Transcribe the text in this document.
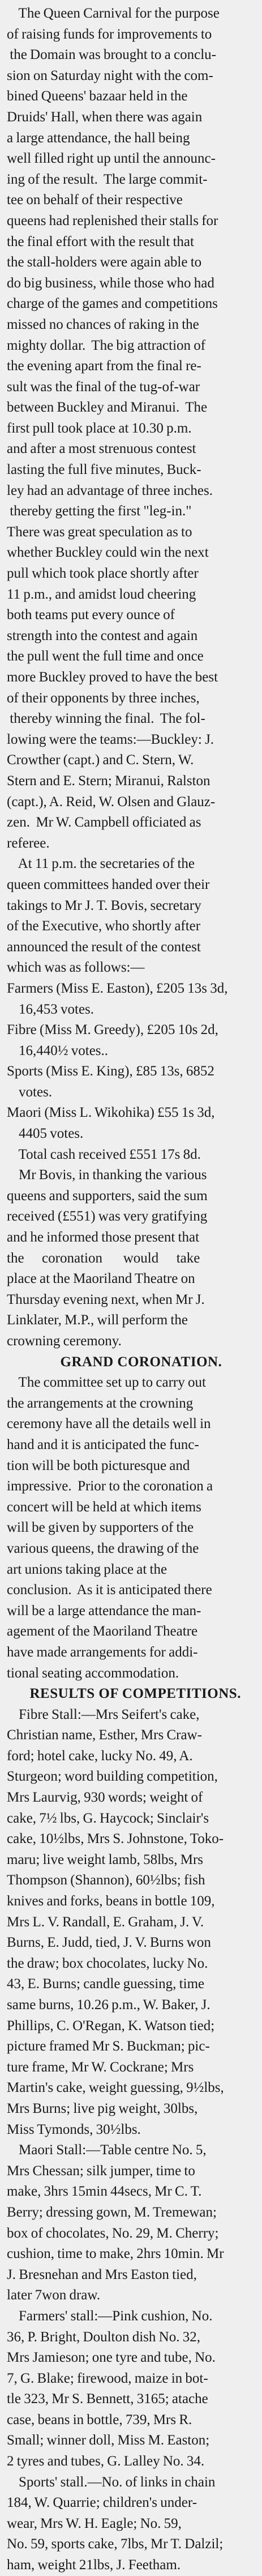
The Queen Carnival for the purpose
of raising funds for improvements to
the Domain was brought to a conclu-
sion on Saturday night with the com-
bined Queens' bazaar held in the
Druids' Hall, when there was again
a large attendance, the hall being
well filled right up until the announc-
ing of the result.  The large commit-
tee on behalf of their respective
queens had replenished their stalls for
the final effort with the result that
the stall-holders were again able to
do big business, while those who had
charge of the games and competitions
missed no chances of raking in the
mighty dollar.  The big attraction of
the evening apart from the final re-
sult was the final of the tug-of-war
between Buckley and Miranui.  The
first pull took place at 10.30 p.m.
and after a most strenuous contest
lasting the full five minutes, Buck-
ley had an advantage of three inches.
thereby getting the first "leg-in."
There was great speculation as to
whether Buckley could win the next
pull which took place shortly after
11 p.m., and amidst loud cheering
both teams put every ounce of
strength into the contest and again
the pull went the full time and once
more Buckley proved to have the best
of their opponents by three inches,
thereby winning the final.  The fol-
lowing were the teams:—Buckley: J.
Crowther (capt.) and C. Stern, W.
Stern and E. Stern; Miranui, Ralston
(capt.), A. Reid, W. Olsen and Glauz-
zen.  Mr W. Campbell officiated as
referee.

At 11 p.m. the secretaries of the
queen committees handed over their
takings to Mr J. T. Bovis, secretary
of the Executive, who shortly after
announced the result of the contest
which was as follows:—

Farmers (Miss E. Easton), £205 13s 3d,
16,453 votes.

Fibre (Miss M. Greedy), £205 10s 2d,
16,440½ votes..

Sports (Miss E. King), £85 13s, 6852
votes.

Maori (Miss L. Wikohika) £55 1s 3d,
4405 votes.

Total cash received £551 17s 8d.

Mr Bovis, in thanking the various
queens and supporters, said the sum
received (£551) was very gratifying
and he informed those present that
the      coronation       would      take
place at the Maoriland Theatre on
Thursday evening next, when Mr J.
Linklater, M.P., will perform the
crowning ceremony.

GRAND CORONATION.

The committee set up to carry out
the arrangements at the crowning
ceremony have all the details well in
hand and it is anticipated the func-
tion will be both picturesque and
impressive.  Prior to the coronation a
concert will be held at which items
will be given by supporters of the
various queens, the drawing of the
art unions taking place at the
conclusion.  As it is anticipated there
will be a large attendance the man-
agement of the Maoriland Theatre
have made arrangements for addi-
tional seating accommodation.

RESULTS OF COMPETITIONS.

Fibre Stall:—Mrs Seifert's cake,
Christian name, Esther, Mrs Craw-
ford; hotel cake, lucky No. 49, A.
Sturgeon; word building competition,
Mrs Laurvig, 930 words; weight of
cake, 7½ lbs, G. Haycock; Sinclair's
cake, 10½lbs, Mrs S. Johnstone, Toko-
maru; live weight lamb, 58lbs, Mrs
Thompson (Shannon), 60½lbs; fish
knives and forks, beans in bottle 109,
Mrs L. V. Randall, E. Graham, J. V.
Burns, E. Judd, tied, J. V. Burns won
the draw; box chocolates, lucky No.
43, E. Burns; candle guessing, time
same burns, 10.26 p.m., W. Baker, J.
Phillips, C. O'Regan, K. Watson tied;
picture framed Mr S. Buckman; pic-
ture frame, Mr W. Cockrane; Mrs
Martin's cake, weight guessing, 9½lbs,
Mrs Burns; live pig weight, 30lbs,
Miss Tymonds, 30½lbs.

Maori Stall:—Table centre No. 5,
Mrs Chessan; silk jumper, time to
make, 3hrs 15min 44secs, Mr C. T.
Berry; dressing gown, M. Tremewan;
box of chocolates, No. 29, M. Cherry;
cushion, time to make, 2hrs 10min. Mr
J. Bresnehan and Mrs Easton tied,
later 7won draw.

Farmers' stall:—Pink cushion, No.
36, P. Bright, Doulton dish No. 32,
Mrs Jamieson; one tyre and tube, No.
7, G. Blake; firewood, maize in bot-
tle 323, Mr S. Bennett, 3165; atache
case, beans in bottle, 739, Mrs R.
Small; winner doll, Miss M. Easton;
2 tyres and tubes, G. Lalley No. 34.

Sports' stall.—No. of links in chain
184, W. Quarrie; children's under-
wear, Mrs W. H. Eagle; No. 59,
No. 59, sports cake, 7lbs, Mr T. Dalzil;
ham, weight 21lbs, J. Feetham.
